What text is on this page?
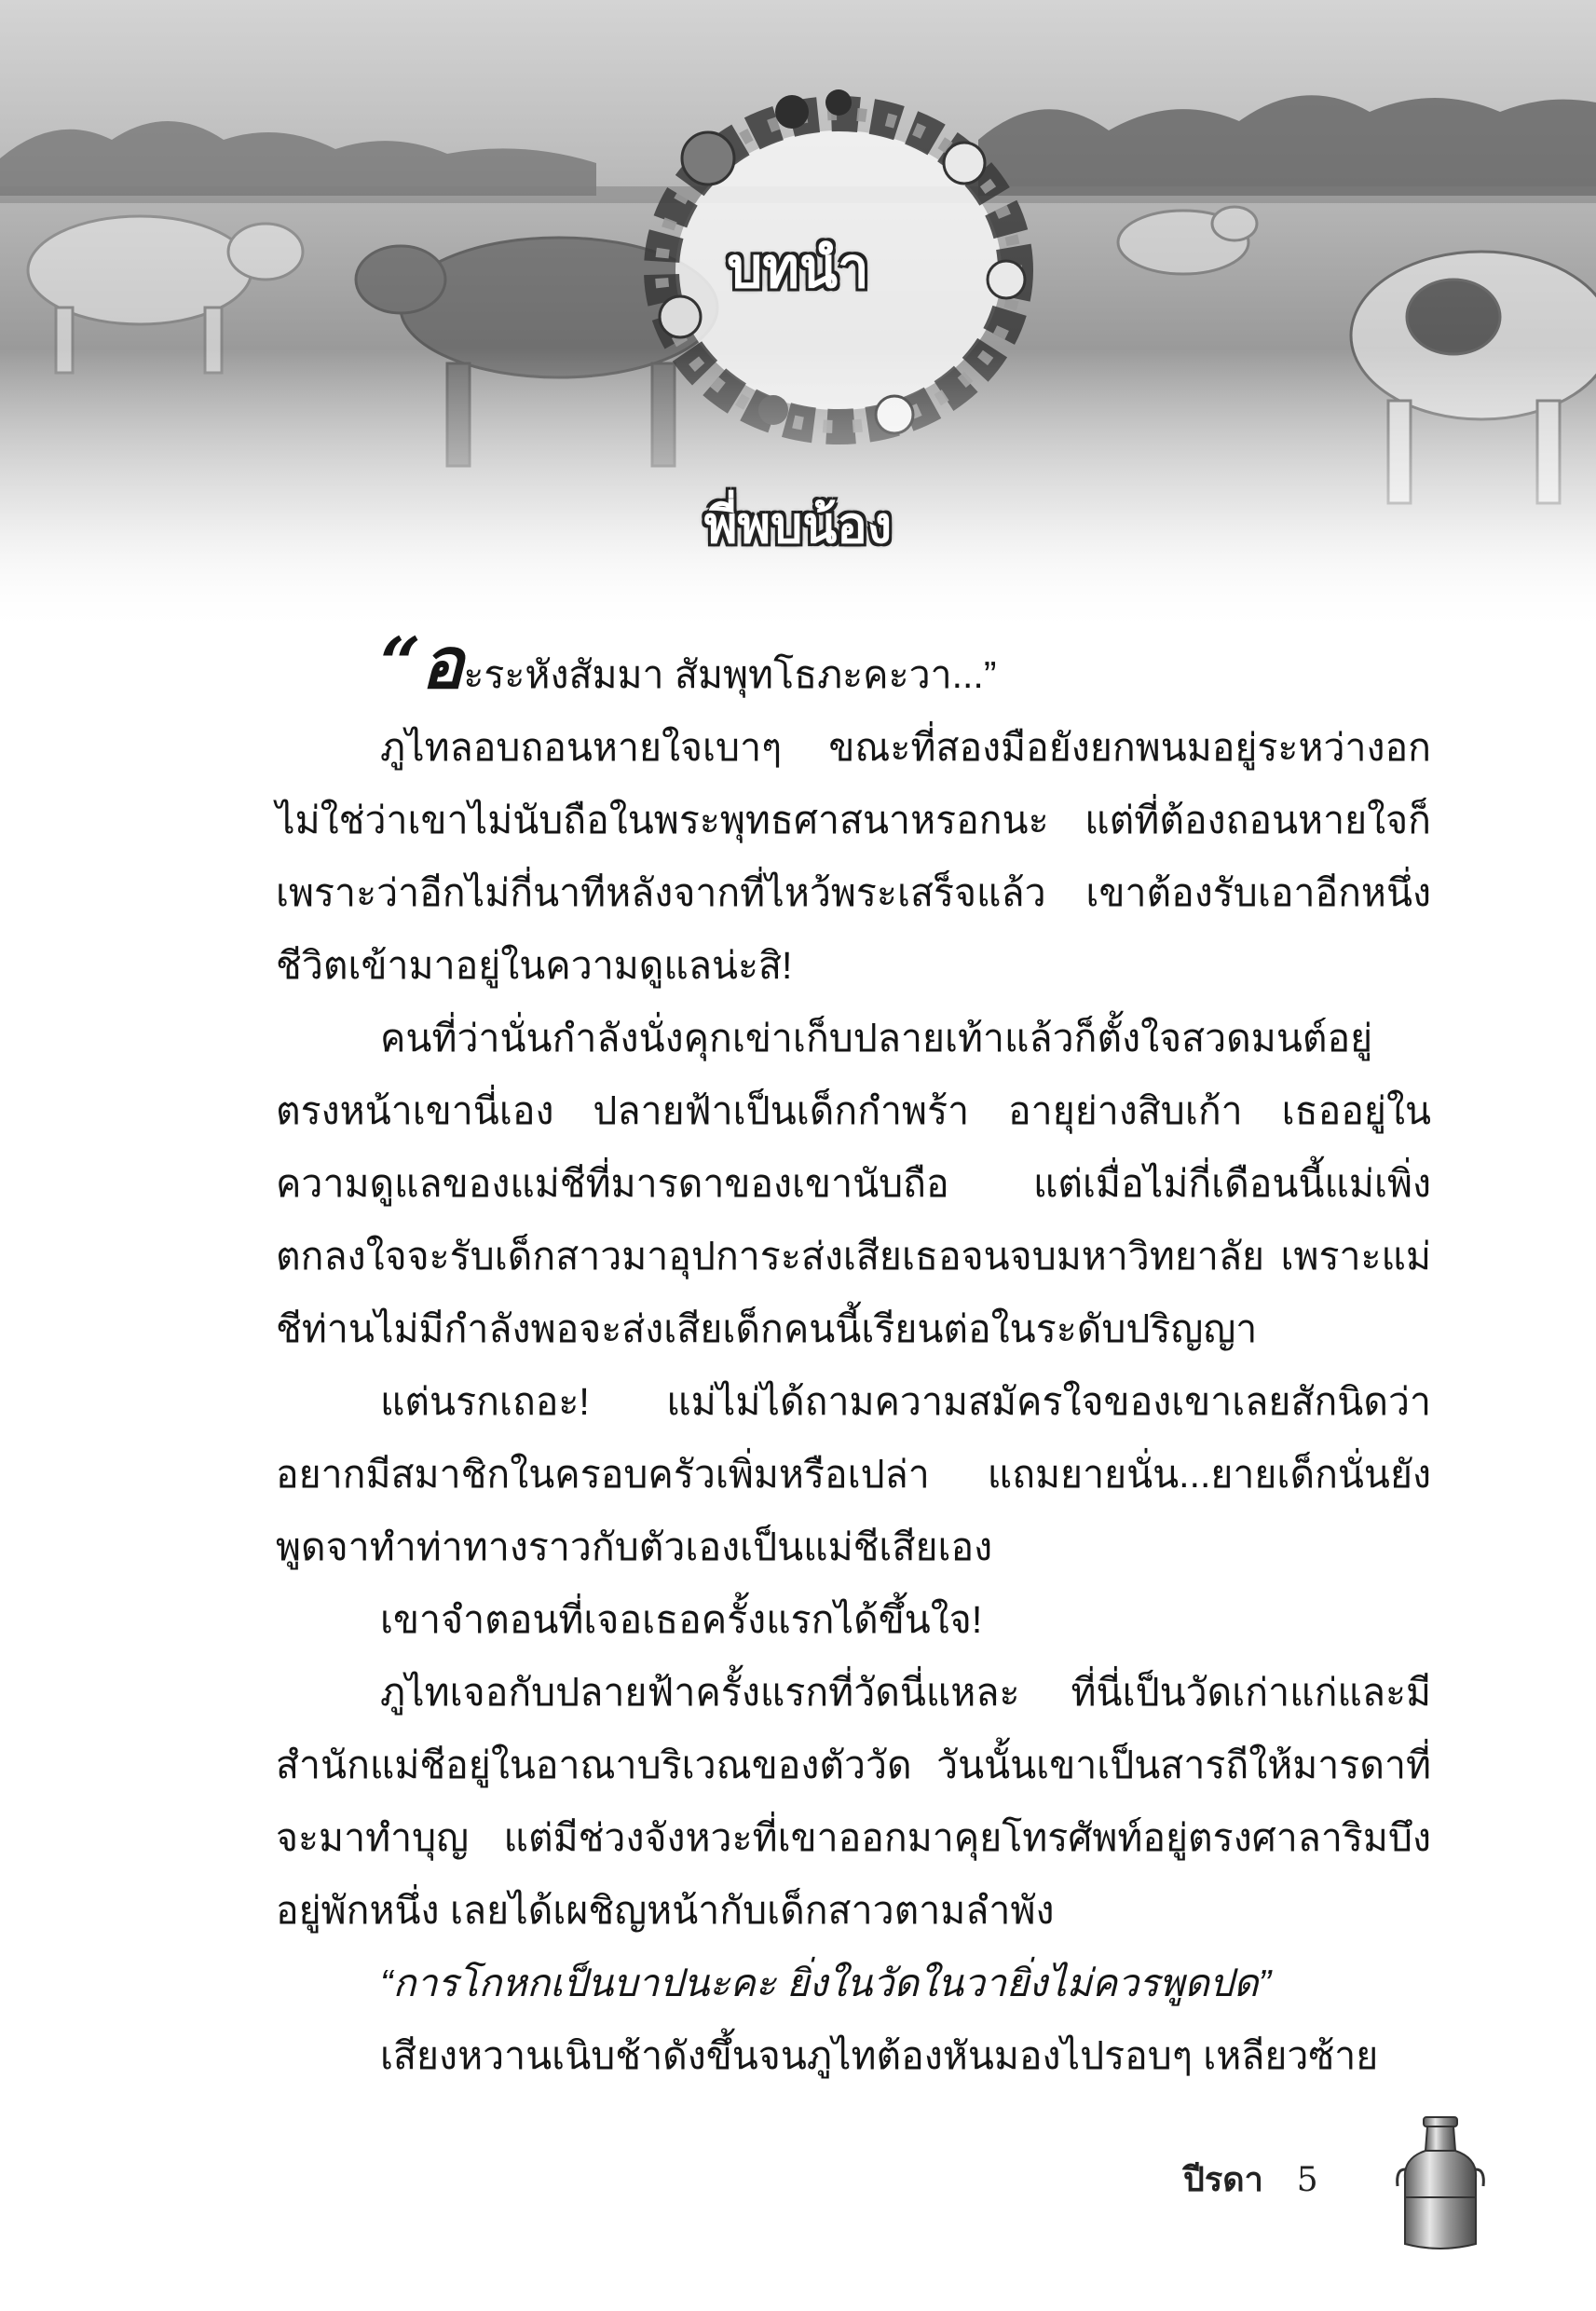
บทนำ
พี่พบน้อง

“อะระหังสัมมา สัมพุทโธภะคะวา...”

ภูไทลอบถอนหายใจเบาๆ ขณะที่สองมือยังยกพนมอยู่ระหว่างอก ไม่ใช่ว่าเขาไม่นับถือในพระพุทธศาสนาหรอกนะ แต่ที่ต้องถอนหายใจก็เพราะว่าอีกไม่กี่นาทีหลังจากที่ไหว้พระเสร็จแล้ว เขาต้องรับเอาอีกหนึ่งชีวิตเข้ามาอยู่ในความดูแลน่ะสิ!

คนที่ว่านั่นกำลังนั่งคุกเข่าเก็บปลายเท้าแล้วก็ตั้งใจสวดมนต์อยู่ตรงหน้าเขานี่เอง ปลายฟ้าเป็นเด็กกำพร้า อายุย่างสิบเก้า เธออยู่ในความดูแลของแม่ชีที่มารดาของเขานับถือ แต่เมื่อไม่กี่เดือนนี้แม่เพิ่งตกลงใจจะรับเด็กสาวมาอุปการะส่งเสียเธอจนจบมหาวิทยาลัย เพราะแม่ชีท่านไม่มีกำลังพอจะส่งเสียเด็กคนนี้เรียนต่อในระดับปริญญา

แต่นรกเถอะ! แม่ไม่ได้ถามความสมัครใจของเขาเลยสักนิดว่าอยากมีสมาชิกในครอบครัวเพิ่มหรือเปล่า แถมยายนั่น...ยายเด็กนั่นยังพูดจาทำท่าทางราวกับตัวเองเป็นแม่ชีเสียเอง

เขาจำตอนที่เจอเธอครั้งแรกได้ขึ้นใจ!

ภูไทเจอกับปลายฟ้าครั้งแรกที่วัดนี่แหละ ที่นี่เป็นวัดเก่าแก่และมีสำนักแม่ชีอยู่ในอาณาบริเวณของตัววัด วันนั้นเขาเป็นสารถีให้มารดาที่จะมาทำบุญ แต่มีช่วงจังหวะที่เขาออกมาคุยโทรศัพท์อยู่ตรงศาลาริมบึงอยู่พักหนึ่ง เลยได้เผชิญหน้ากับเด็กสาวตามลำพัง

“การโกหกเป็นบาปนะคะ ยิ่งในวัดในวายิ่งไม่ควรพูดปด”

เสียงหวานเนิบช้าดังขึ้นจนภูไทต้องหันมองไปรอบๆ เหลียวซ้าย

ปีรดา 5
